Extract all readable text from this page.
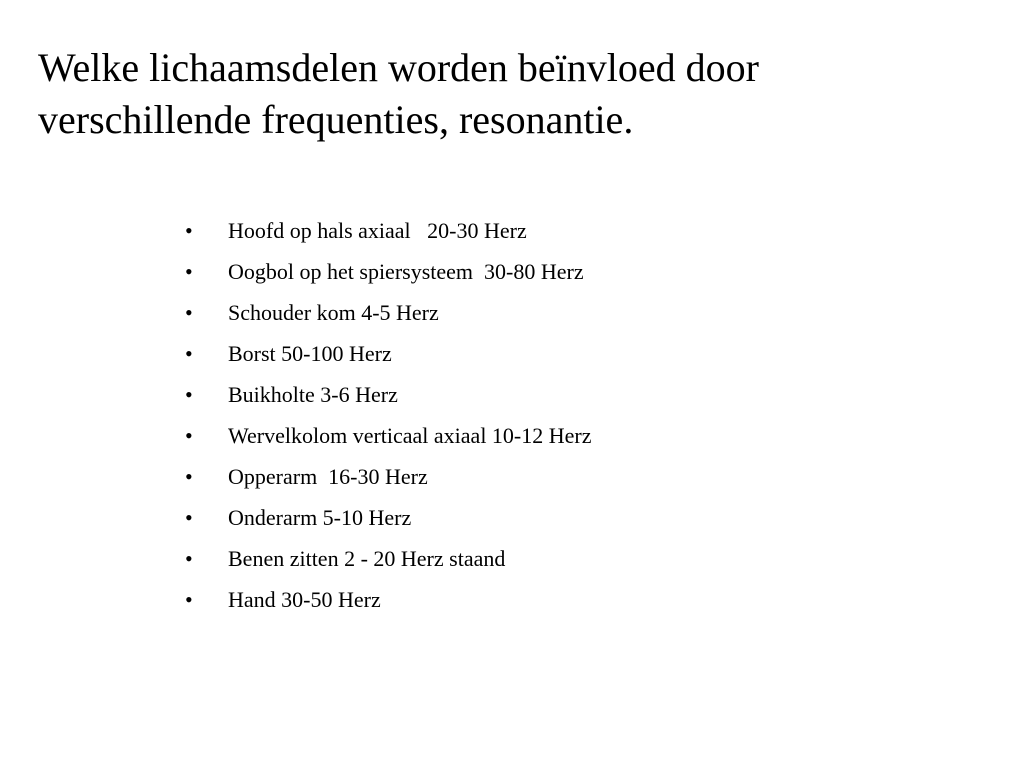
Welke lichaamsdelen worden beïnvloed door
verschillende frequenties, resonantie.
•	Hoofd op hals axiaal   20-30 Herz
•	Oogbol op het spiersysteem  30-80 Herz
•	Schouder kom 4-5 Herz
•	Borst 50-100 Herz
•	Buikholte 3-6 Herz
•	Wervelkolom verticaal axiaal 10-12 Herz
•	Opperarm  16-30 Herz
•	Onderarm 5-10 Herz
•	Benen zitten 2 - 20 Herz staand
•	Hand 30-50 Herz
